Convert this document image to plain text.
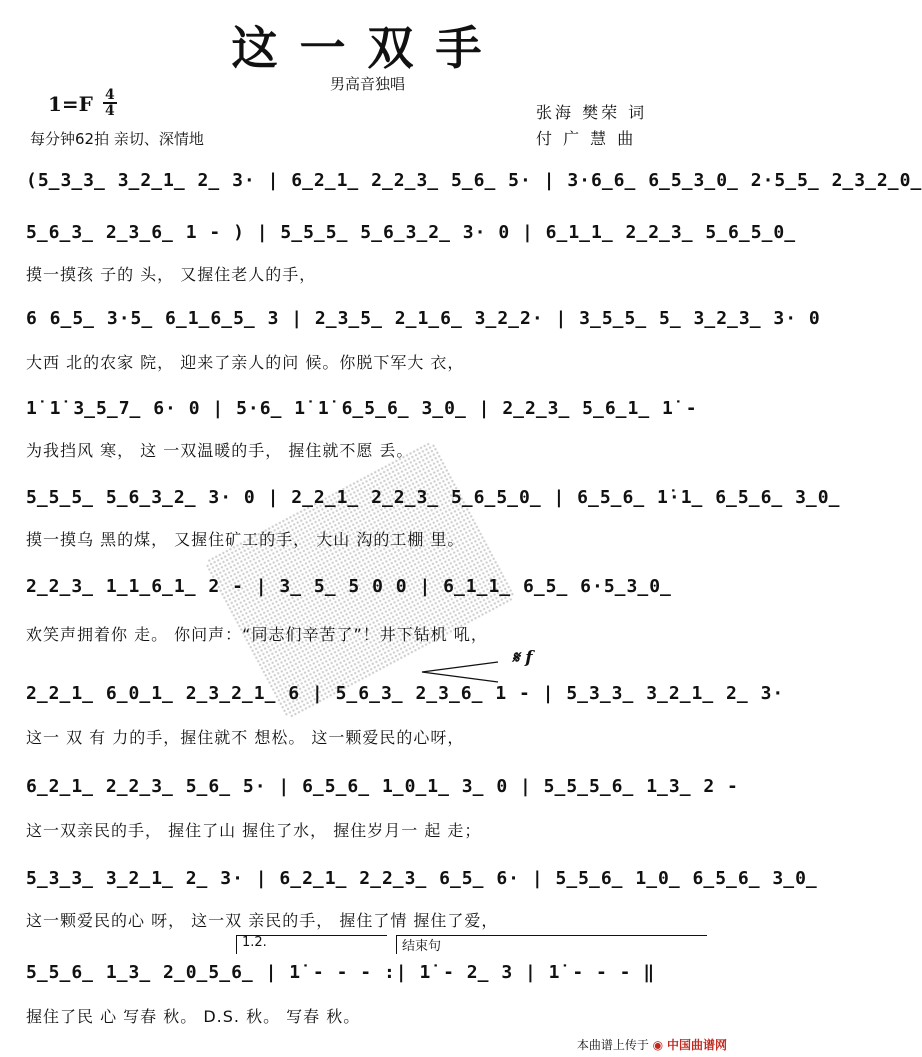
这一双手
男高音独唱
1=F 4
4
每分钟62拍 亲切、深情地
张海 樊荣 词
付 广 慧 曲
(5̲3̲3̲ 3̲2̲1̲ 2̲ 3· | 6̲2̲1̲ 2̲2̲3̲ 5̲6̲ 5· | 3·6̲6̲ 6̲5̲3̲0̲ 2·5̲5̲ 2̲3̲2̲0̲
5̲6̲3̲ 2̲3̲6̲ 1 - ) | 5̲5̲5̲ 5̲6̲3̲2̲ 3· 0 | 6̲1̲1̲ 2̲2̲3̲ 5̲6̲5̲0̲
摸一摸孩 子的 头， 又握住老人的手，
6 6̲5̲ 3·5̲ 6̲1̲6̲5̲ 3 | 2̲3̲5̲ 2̲1̲6̲ 3̲2̲2· | 3̲5̲5̲ 5̲ 3̲2̲3̲ 3· 0
大西 北的农家 院， 迎来了亲人的问 候。你脱下军大 衣，
1̇ 1̇ 3̲5̲7̲ 6· 0 | 5·6̲ 1̇ 1̇ 6̲5̲6̲ 3̲0̲ | 2̲2̲3̲ 5̲6̲1̲ 1̇ -
为我挡风 寒， 这 一双温暖的手， 握住就不愿 丢。
5̲5̲5̲ 5̲6̲3̲2̲ 3· 0 | 2̲2̲1̲ 2̲2̲3̲ 5̲6̲5̲0̲ | 6̲5̲6̲ 1̇·1̲ 6̲5̲6̲ 3̲0̲
摸一摸乌 黑的煤， 又握住矿工的手， 大山 沟的工棚 里。
2̲2̲3̲ 1̲1̲6̲1̲ 2 - | 3̲ 5̲ 5 0 0 | 6̲1̲1̲ 6̲5̲ 6·5̲3̲0̲
欢笑声拥着你 走。 你问声：“同志们辛苦了”！井下钻机 吼，
𝄋 f
2̲2̲1̲ 6̲0̲1̲ 2̲3̲2̲1̲ 6 | 5̲6̲3̲ 2̲3̲6̲ 1 - | 5̲3̲3̲ 3̲2̲1̲ 2̲ 3·
这一 双 有 力的手，握住就不 想松。 这一颗爱民的心呀，
6̲2̲1̲ 2̲2̲3̲ 5̲6̲ 5· | 6̲5̲6̲ 1̲0̲1̲ 3̲ 0 | 5̲5̲5̲6̲ 1̲3̲ 2 -
这一双亲民的手， 握住了山 握住了水， 握住岁月一 起 走；
5̲3̲3̲ 3̲2̲1̲ 2̲ 3· | 6̲2̲1̲ 2̲2̲3̲ 6̲5̲ 6· | 5̲5̲6̲ 1̲0̲ 6̲5̲6̲ 3̲0̲
这一颗爱民的心 呀， 这一双 亲民的手， 握住了情 握住了爱，
1.2.	结束句
5̲5̲6̲ 1̲3̲ 2̲0̲5̲6̲ | 1̇ - - - :| 1̇ - 2̲ 3 | 1̇ - - - ‖
握住了民 心 写春 秋。 D.S. 秋。 写春 秋。
本曲谱上传于 ◉ 中国曲谱网
